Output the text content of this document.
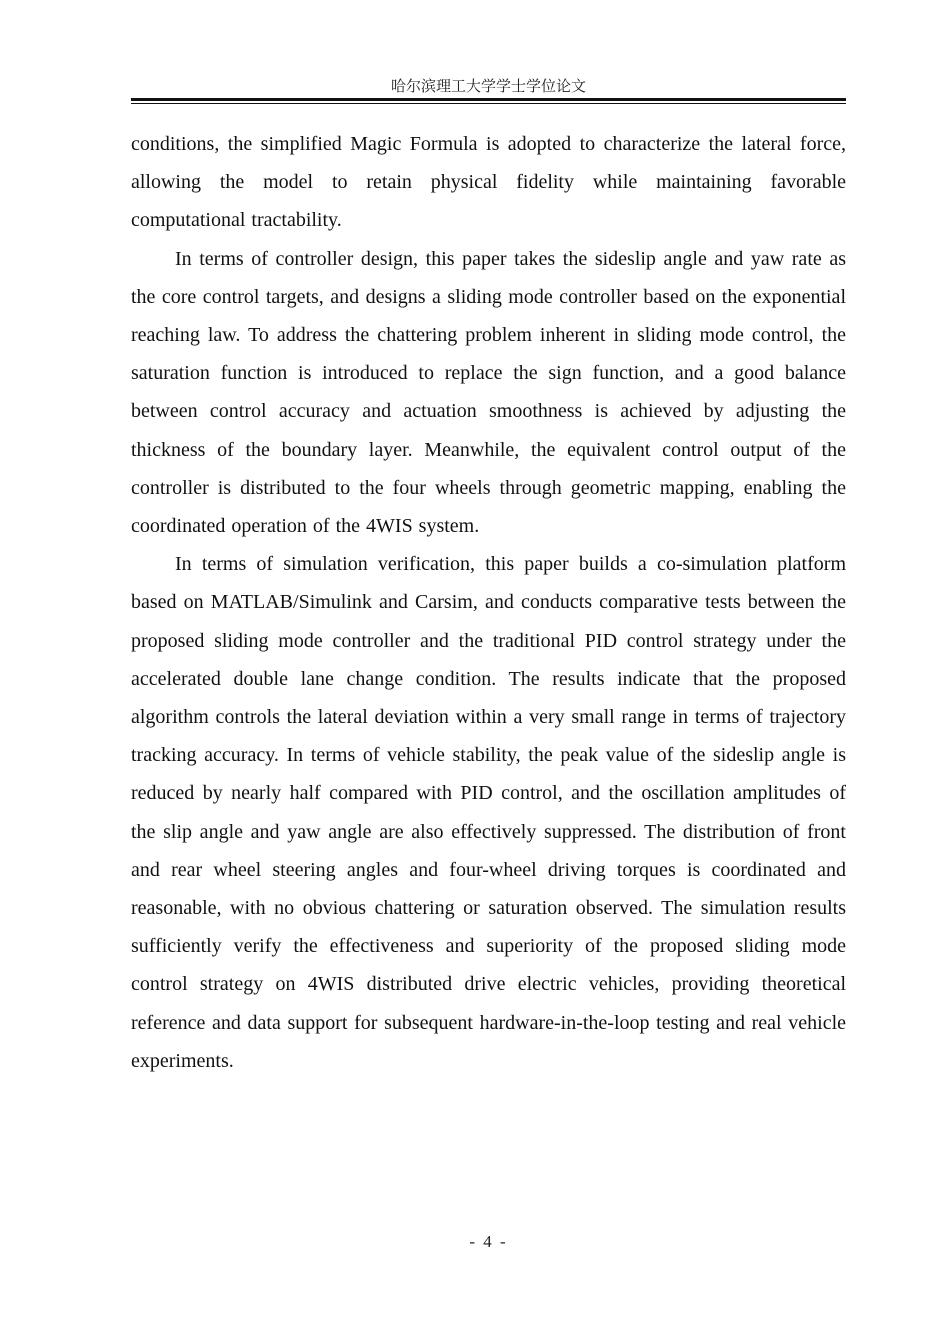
哈尔滨理工大学学士学位论文

conditions, the simplified Magic Formula is adopted to characterize the lateral force, allowing the model to retain physical fidelity while maintaining favorable computational tractability.

In terms of controller design, this paper takes the sideslip angle and yaw rate as the core control targets, and designs a sliding mode controller based on the exponential reaching law. To address the chattering problem inherent in sliding mode control, the saturation function is introduced to replace the sign function, and a good balance between control accuracy and actuation smoothness is achieved by adjusting the thickness of the boundary layer. Meanwhile, the equivalent control output of the controller is distributed to the four wheels through geometric mapping, enabling the coordinated operation of the 4WIS system.

In terms of simulation verification, this paper builds a co-simulation platform based on MATLAB/Simulink and Carsim, and conducts comparative tests between the proposed sliding mode controller and the traditional PID control strategy under the accelerated double lane change condition. The results indicate that the proposed algorithm controls the lateral deviation within a very small range in terms of trajectory tracking accuracy. In terms of vehicle stability, the peak value of the sideslip angle is reduced by nearly half compared with PID control, and the oscillation amplitudes of the slip angle and yaw angle are also effectively suppressed. The distribution of front and rear wheel steering angles and four-wheel driving torques is coordinated and reasonable, with no obvious chattering or saturation observed. The simulation results sufficiently verify the effectiveness and superiority of the proposed sliding mode control strategy on 4WIS distributed drive electric vehicles, providing theoretical reference and data support for subsequent hardware-in-the-loop testing and real vehicle experiments.

- 4 -
